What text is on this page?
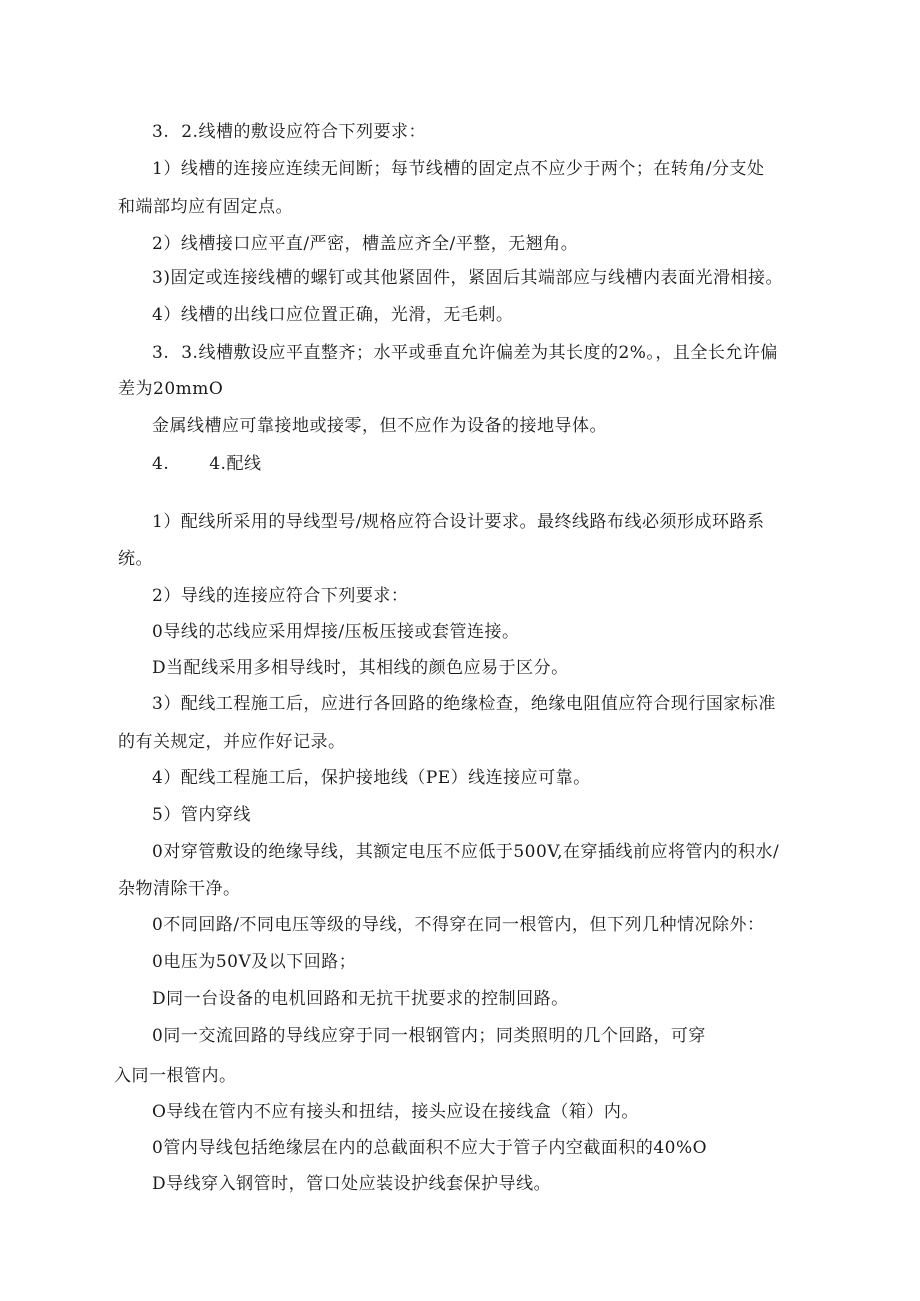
3. 2.线槽的敷设应符合下列要求：
1）线槽的连接应连续无间断；每节线槽的固定点不应少于两个；在转角/分支处
和端部均应有固定点。
2）线槽接口应平直/严密，槽盖应齐全/平整，无翘角。
3)固定或连接线槽的螺钉或其他紧固件，紧固后其端部应与线槽内表面光滑相接。
4）线槽的出线口应位置正确，光滑，无毛刺。
3. 3.线槽敷设应平直整齐；水平或垂直允许偏差为其长度的2%。，且全长允许偏
差为20mmO
金属线槽应可靠接地或接零，但不应作为设备的接地导体。
4. 4.配线
1）配线所采用的导线型号/规格应符合设计要求。最终线路布线必须形成环路系
统。
2）导线的连接应符合下列要求：
0导线的芯线应采用焊接/压板压接或套管连接。
D当配线采用多相导线时，其相线的颜色应易于区分。
3）配线工程施工后，应进行各回路的绝缘检查，绝缘电阻值应符合现行国家标准
的有关规定，并应作好记录。
4）配线工程施工后，保护接地线（PE）线连接应可靠。
5）管内穿线
0对穿管敷设的绝缘导线，其额定电压不应低于500V,在穿插线前应将管内的积水/
杂物清除干净。
0不同回路/不同电压等级的导线，不得穿在同一根管内，但下列几种情况除外：
0电压为50V及以下回路；
D同一台设备的电机回路和无抗干扰要求的控制回路。
0同一交流回路的导线应穿于同一根钢管内；同类照明的几个回路，可穿
入同一根管内。
O导线在管内不应有接头和扭结，接头应设在接线盒（箱）内。
0管内导线包括绝缘层在内的总截面积不应大于管子内空截面积的40%O
D导线穿入钢管时，管口处应装设护线套保护导线。
